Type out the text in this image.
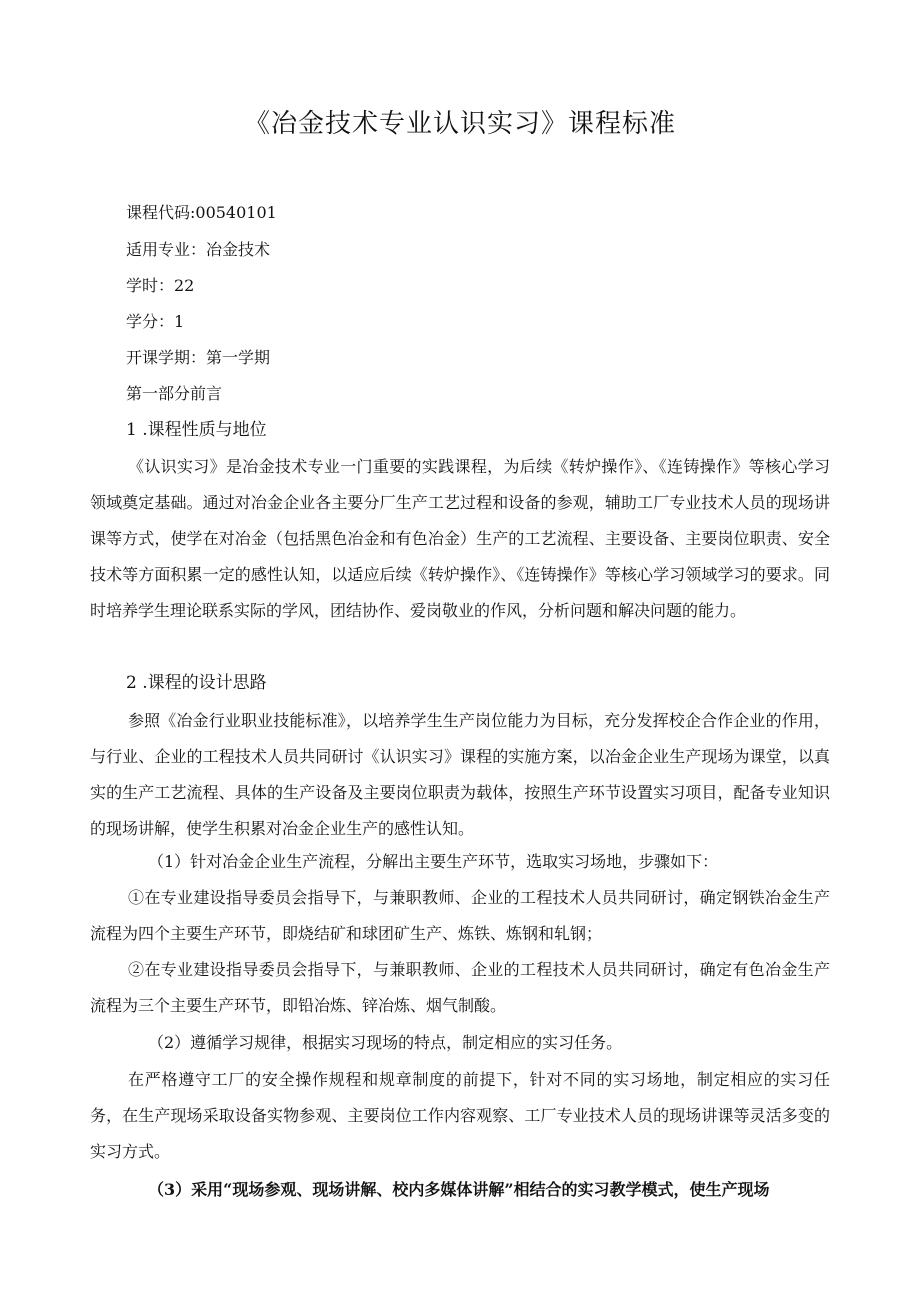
《冶金技术专业认识实习》课程标准
课程代码:00540101
适用专业：冶金技术
学时：22
学分：1
开课学期：第一学期
第一部分前言
1 .课程性质与地位

《认识实习》是冶金技术专业一门重要的实践课程，为后续《转炉操作》、《连铸操作》等核心学习领域奠定基础。通过对冶金企业各主要分厂生产工艺过程和设备的参观，辅助工厂专业技术人员的现场讲课等方式，使学在对冶金（包括黑色冶金和有色冶金）生产的工艺流程、主要设备、主要岗位职责、安全技术等方面积累一定的感性认知，以适应后续《转炉操作》、《连铸操作》等核心学习领域学习的要求。同时培养学生理论联系实际的学风，团结协作、爱岗敬业的作风，分析问题和解决问题的能力。

2 .课程的设计思路

参照《冶金行业职业技能标准》，以培养学生生产岗位能力为目标，充分发挥校企合作企业的作用，与行业、企业的工程技术人员共同研讨《认识实习》课程的实施方案，以冶金企业生产现场为课堂，以真实的生产工艺流程、具体的生产设备及主要岗位职责为载体，按照生产环节设置实习项目，配备专业知识的现场讲解，使学生积累对冶金企业生产的感性认知。

（1）针对冶金企业生产流程，分解出主要生产环节，选取实习场地，步骤如下：

①在专业建设指导委员会指导下，与兼职教师、企业的工程技术人员共同研讨，确定钢铁冶金生产流程为四个主要生产环节，即烧结矿和球团矿生产、炼铁、炼钢和轧钢；

②在专业建设指导委员会指导下，与兼职教师、企业的工程技术人员共同研讨，确定有色冶金生产流程为三个主要生产环节，即铅冶炼、锌冶炼、烟气制酸。

（2）遵循学习规律，根据实习现场的特点，制定相应的实习任务。

在严格遵守工厂的安全操作规程和规章制度的前提下，针对不同的实习场地，制定相应的实习任务，在生产现场采取设备实物参观、主要岗位工作内容观察、工厂专业技术人员的现场讲课等灵活多变的实习方式。

（3）采用“现场参观、现场讲解、校内多媒体讲解”相结合的实习教学模式，使生产现场
